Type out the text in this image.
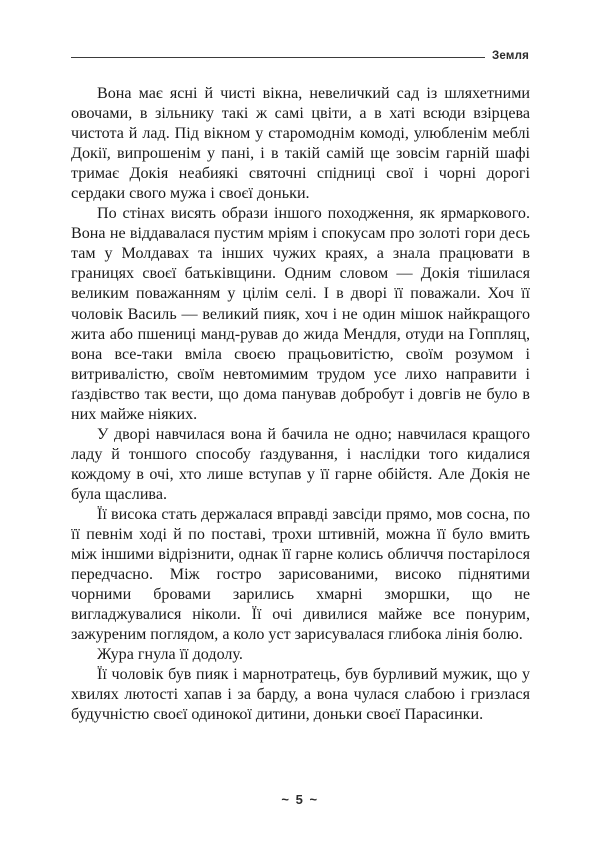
Земля

Вона має ясні й чисті вікна, невеличкий сад із шляхетними овочами, в зільнику такі ж самі цвіти, а в хаті всюди взірцева чистота й лад. Під вікном у старомоднім комоді, улюбленім меблі Докії, випрошенім у пані, і в такій самій ще зовсім гарній шафі тримає Докія неабиякі святочні спідниці свої і чорні дорогі сердаки свого мужа і своєї доньки.

По стінах висять образи іншого походження, як ярмаркового. Вона не віддавалася пустим мріям і спокусам про золоті гори десь там у Молдавах та інших чужих краях, а знала працювати в границях своєї батьківщини. Одним словом — Докія тішилася великим поважанням у цілім селі. І в дворі її поважали. Хоч її чоловік Василь — великий пияк, хоч і не один мішок найкращого жита або пшениці манд-рував до жида Мендля, отуди на Гоппляц, вона все-таки вміла своєю працьовитістю, своїм розумом і витривалістю, своїм невтомимим трудом усе лихо направити і ґаздівство так вести, що дома панував добробут і довгів не було в них майже ніяких.

У дворі навчилася вона й бачила не одно; навчилася кращого ладу й тоншого способу ґаздування, і наслідки того кидалися кождому в очі, хто лише вступав у її гарне обійстя. Але Докія не була щаслива.

Її висока стать держалася вправді завсіди прямо, мов сосна, по її певнім ході й по поставі, трохи штивній, можна її було вмить між іншими відрізнити, однак її гарне колись обличчя постарілося передчасно. Між гостро зарисованими, високо піднятими чорними бровами зарились хмарні зморшки, що не вигладжувалися ніколи. Її очі дивилися майже все понурим, зажуреним поглядом, а коло уст зарисувалася глибока лінія болю.

Жура гнула її додолу.

Її чоловік був пияк і марнотратець, був бурливий мужик, що у хвилях лютості хапав і за барду, а вона чулася слабою і гризлася будучністю своєї одинокої дитини, доньки своєї Парасинки.

~ 5 ~
